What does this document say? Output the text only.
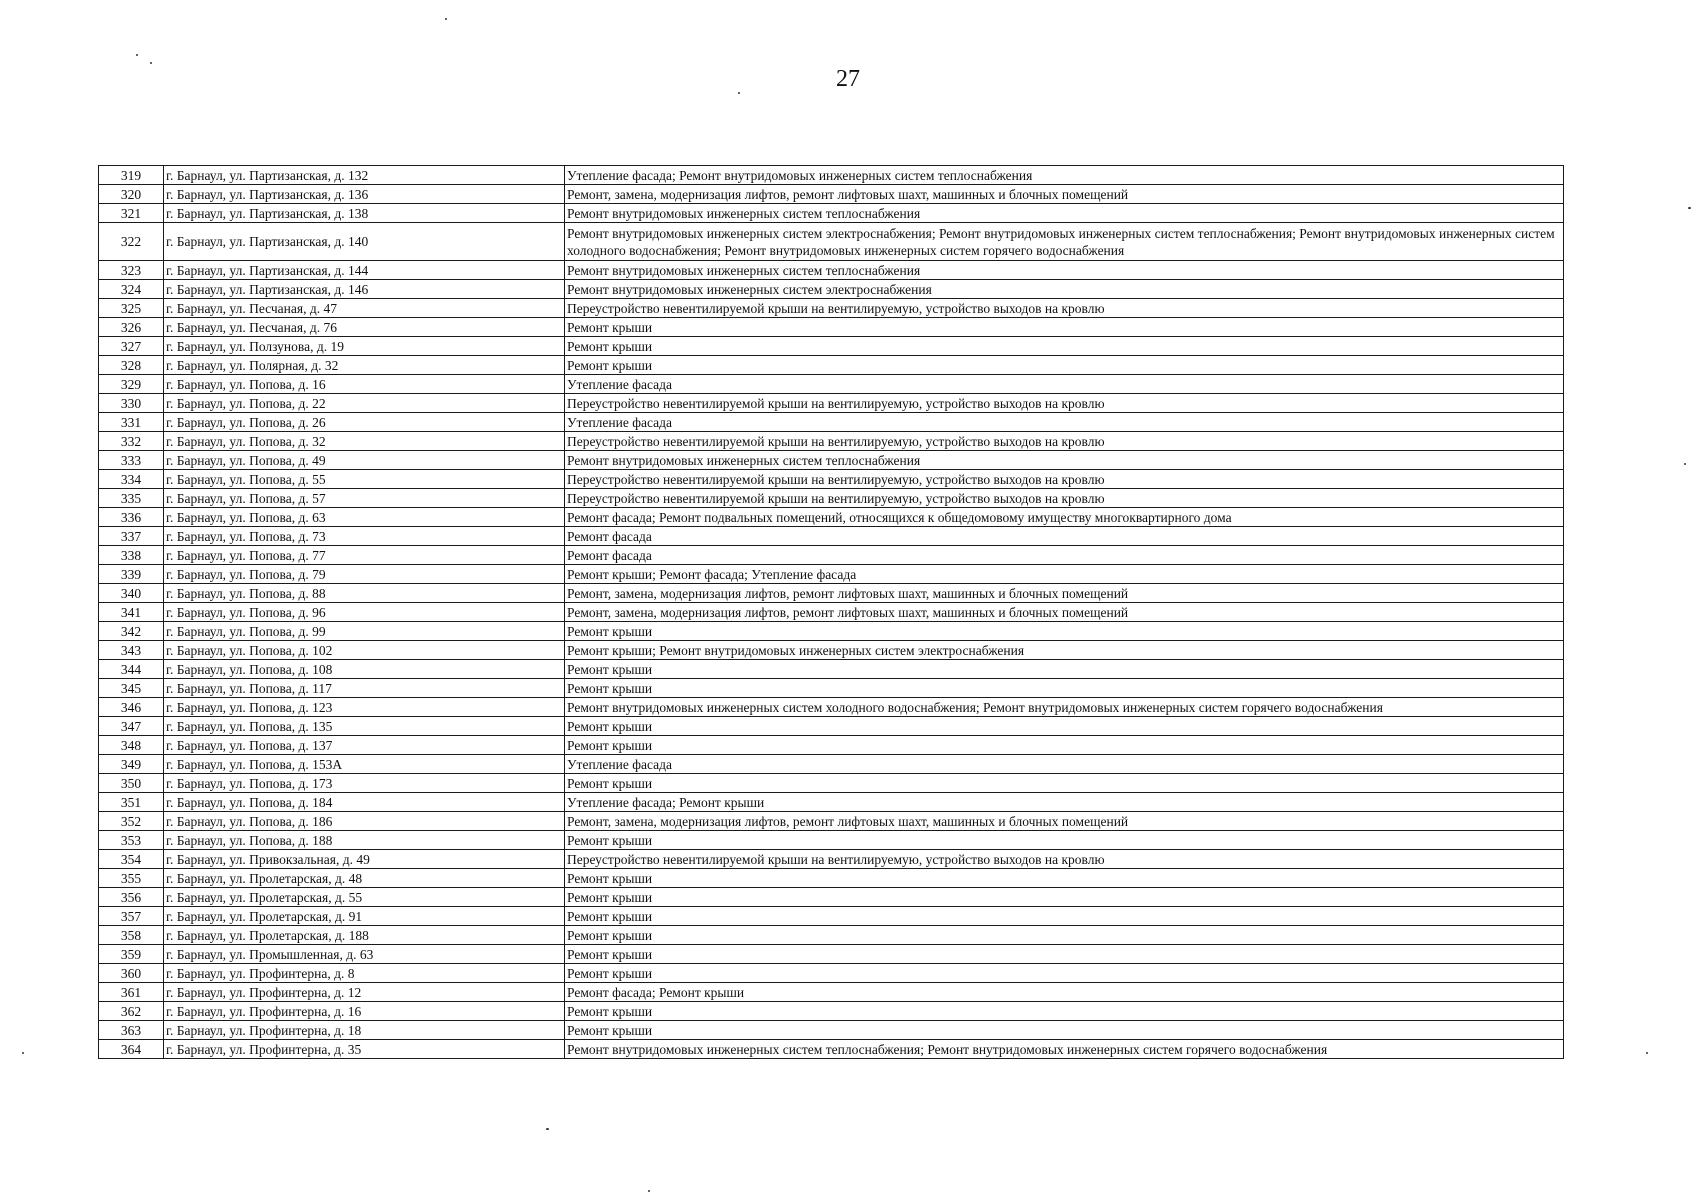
27
319	г. Барнаул, ул. Партизанская, д. 132	Утепление фасада; Ремонт внутридомовых инженерных систем теплоснабжения
320	г. Барнаул, ул. Партизанская, д. 136	Ремонт, замена, модернизация лифтов, ремонт лифтовых шахт, машинных и блочных помещений
321	г. Барнаул, ул. Партизанская, д. 138	Ремонт внутридомовых инженерных систем теплоснабжения
322	г. Барнаул, ул. Партизанская, д. 140	Ремонт внутридомовых инженерных систем электроснабжения; Ремонт внутридомовых инженерных систем теплоснабжения; Ремонт внутридомовых инженерных систем холодного водоснабжения; Ремонт внутридомовых инженерных систем горячего водоснабжения
323	г. Барнаул, ул. Партизанская, д. 144	Ремонт внутридомовых инженерных систем теплоснабжения
324	г. Барнаул, ул. Партизанская, д. 146	Ремонт внутридомовых инженерных систем электроснабжения
325	г. Барнаул, ул. Песчаная, д. 47	Переустройство невентилируемой крыши на вентилируемую, устройство выходов на кровлю
326	г. Барнаул, ул. Песчаная, д. 76	Ремонт крыши
327	г. Барнаул, ул. Ползунова, д. 19	Ремонт крыши
328	г. Барнаул, ул. Полярная, д. 32	Ремонт крыши
329	г. Барнаул, ул. Попова, д. 16	Утепление фасада
330	г. Барнаул, ул. Попова, д. 22	Переустройство невентилируемой крыши на вентилируемую, устройство выходов на кровлю
331	г. Барнаул, ул. Попова, д. 26	Утепление фасада
332	г. Барнаул, ул. Попова, д. 32	Переустройство невентилируемой крыши на вентилируемую, устройство выходов на кровлю
333	г. Барнаул, ул. Попова, д. 49	Ремонт внутридомовых инженерных систем теплоснабжения
334	г. Барнаул, ул. Попова, д. 55	Переустройство невентилируемой крыши на вентилируемую, устройство выходов на кровлю
335	г. Барнаул, ул. Попова, д. 57	Переустройство невентилируемой крыши на вентилируемую, устройство выходов на кровлю
336	г. Барнаул, ул. Попова, д. 63	Ремонт фасада; Ремонт подвальных помещений, относящихся к общедомовому имуществу многоквартирного дома
337	г. Барнаул, ул. Попова, д. 73	Ремонт фасада
338	г. Барнаул, ул. Попова, д. 77	Ремонт фасада
339	г. Барнаул, ул. Попова, д. 79	Ремонт крыши; Ремонт фасада; Утепление фасада
340	г. Барнаул, ул. Попова, д. 88	Ремонт, замена, модернизация лифтов, ремонт лифтовых шахт, машинных и блочных помещений
341	г. Барнаул, ул. Попова, д. 96	Ремонт, замена, модернизация лифтов, ремонт лифтовых шахт, машинных и блочных помещений
342	г. Барнаул, ул. Попова, д. 99	Ремонт крыши
343	г. Барнаул, ул. Попова, д. 102	Ремонт крыши; Ремонт внутридомовых инженерных систем электроснабжения
344	г. Барнаул, ул. Попова, д. 108	Ремонт крыши
345	г. Барнаул, ул. Попова, д. 117	Ремонт крыши
346	г. Барнаул, ул. Попова, д. 123	Ремонт внутридомовых инженерных систем холодного водоснабжения; Ремонт внутридомовых инженерных систем горячего водоснабжения
347	г. Барнаул, ул. Попова, д. 135	Ремонт крыши
348	г. Барнаул, ул. Попова, д. 137	Ремонт крыши
349	г. Барнаул, ул. Попова, д. 153А	Утепление фасада
350	г. Барнаул, ул. Попова, д. 173	Ремонт крыши
351	г. Барнаул, ул. Попова, д. 184	Утепление фасада; Ремонт крыши
352	г. Барнаул, ул. Попова, д. 186	Ремонт, замена, модернизация лифтов, ремонт лифтовых шахт, машинных и блочных помещений
353	г. Барнаул, ул. Попова, д. 188	Ремонт крыши
354	г. Барнаул, ул. Привокзальная, д. 49	Переустройство невентилируемой крыши на вентилируемую, устройство выходов на кровлю
355	г. Барнаул, ул. Пролетарская, д. 48	Ремонт крыши
356	г. Барнаул, ул. Пролетарская, д. 55	Ремонт крыши
357	г. Барнаул, ул. Пролетарская, д. 91	Ремонт крыши
358	г. Барнаул, ул. Пролетарская, д. 188	Ремонт крыши
359	г. Барнаул, ул. Промышленная, д. 63	Ремонт крыши
360	г. Барнаул, ул. Профинтерна, д. 8	Ремонт крыши
361	г. Барнаул, ул. Профинтерна, д. 12	Ремонт фасада; Ремонт крыши
362	г. Барнаул, ул. Профинтерна, д. 16	Ремонт крыши
363	г. Барнаул, ул. Профинтерна, д. 18	Ремонт крыши
364	г. Барнаул, ул. Профинтерна, д. 35	Ремонт внутридомовых инженерных систем теплоснабжения; Ремонт внутридомовых инженерных систем горячего водоснабжения
